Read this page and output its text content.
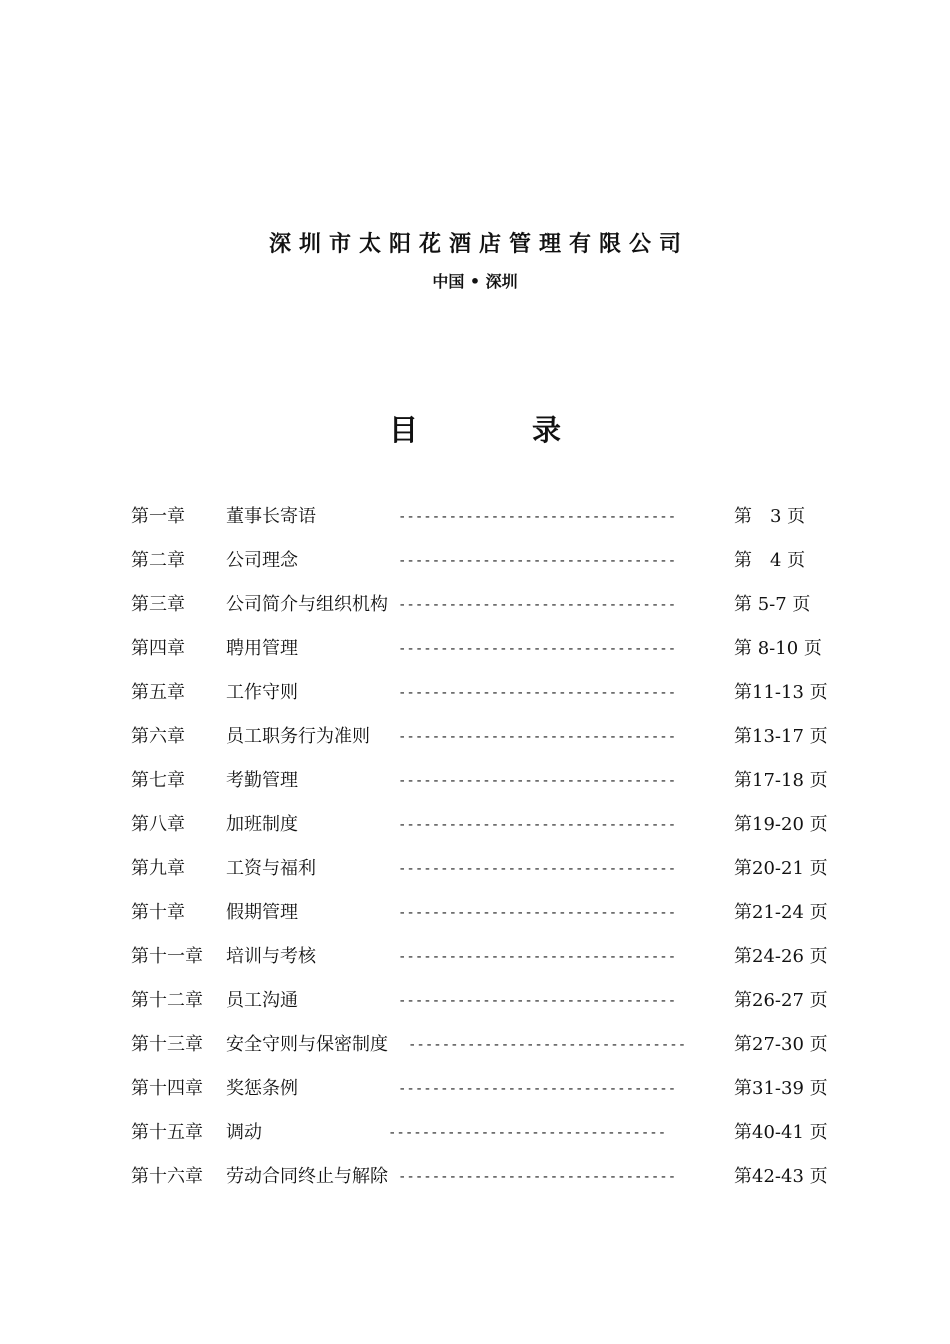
深圳市太阳花酒店管理有限公司
中国 • 深圳
目 录
第一章 董事长寄语	---------------------------------	第　3 页
第二章 公司理念	---------------------------------	第　4 页
第三章 公司简介与组织机构 ---------------------------------	第 5-7 页
第四章 聘用管理	---------------------------------	第 8-10 页
第五章 工作守则	---------------------------------	第11-13 页
第六章 员工职务行为准则 ---------------------------------	第13-17 页
第七章 考勤管理	---------------------------------	第17-18 页
第八章 加班制度	---------------------------------	第19-20 页
第九章 工资与福利	---------------------------------	第20-21 页
第十章 假期管理	---------------------------------	第21-24 页
第十一章 培训与考核	---------------------------------	第24-26 页
第十二章 员工沟通	---------------------------------	第26-27 页
第十三章 安全守则与保密制度 ---------------------------------	第27-30 页
第十四章 奖惩条例	---------------------------------	第31-39 页
第十五章 调动	---------------------------------	第40-41 页
第十六章 劳动合同终止与解除 ---------------------------------	第42-43 页
